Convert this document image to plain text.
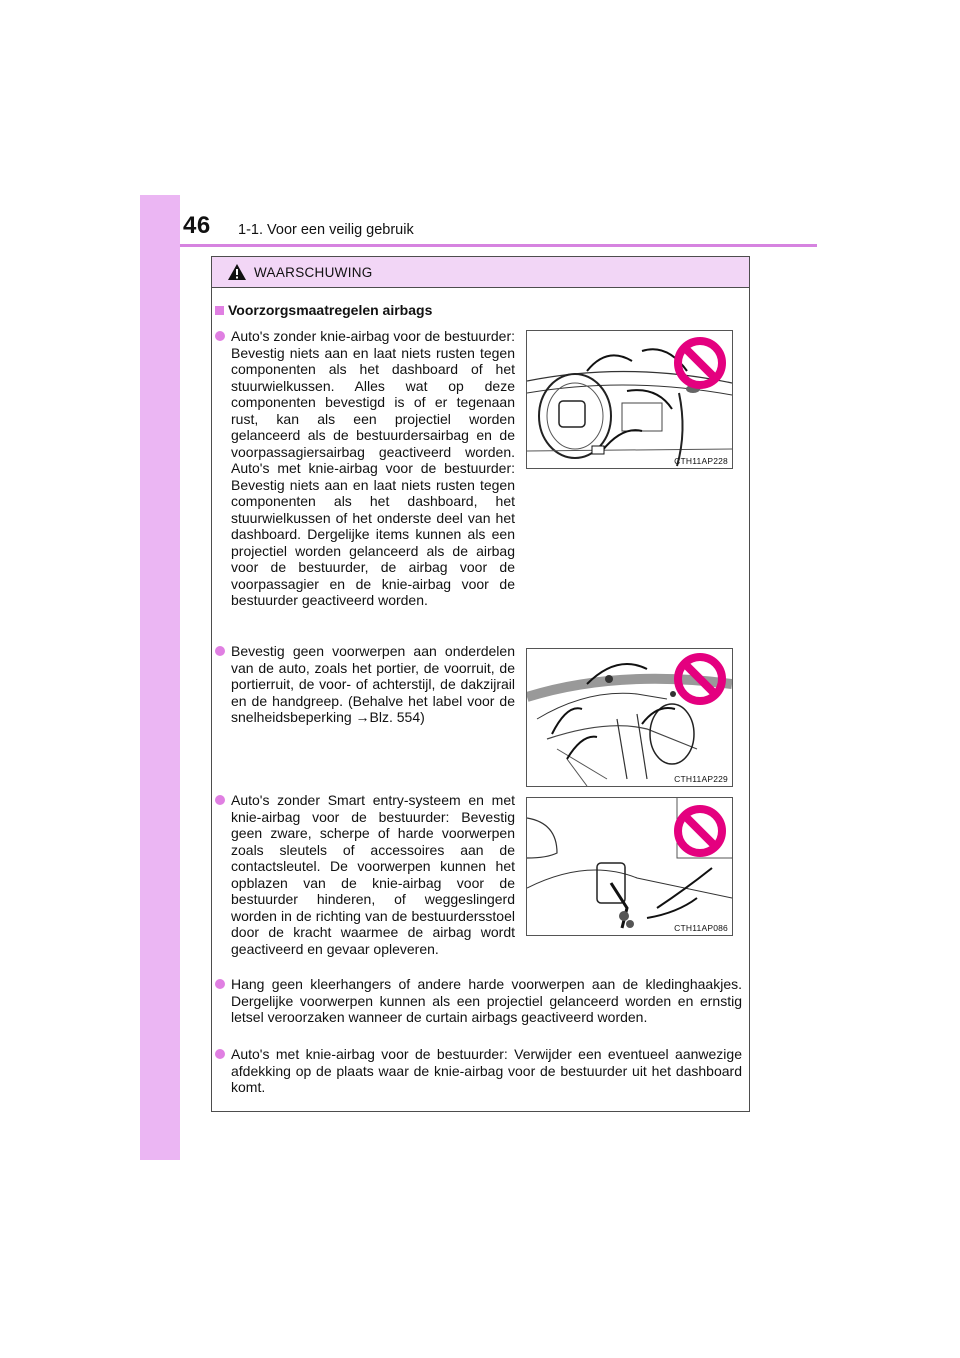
46 1-1. Voor een veilig gebruik
WAARSCHUWING
Voorzorgsmaatregelen airbags
Auto's zonder knie-airbag voor de bestuurder: Bevestig niets aan en laat niets rusten tegen componenten als het dashboard of het stuurwielkussen. Alles wat op deze componenten bevestigd is of er tegenaan rust, kan als een projectiel worden gelanceerd als de bestuurdersairbag en de voorpassagiersairbag geactiveerd worden. Auto's met knie-airbag voor de bestuurder: Bevestig niets aan en laat niets rusten tegen componenten als het dashboard, het stuurwielkussen of het onderste deel van het dashboard. Dergelijke items kunnen als een projectiel worden gelanceerd als de airbag voor de bestuurder, de airbag voor de voorpassagier en de knie-airbag voor de bestuurder geactiveerd worden.
CTH11AP228
Bevestig geen voorwerpen aan onderdelen van de auto, zoals het portier, de voorruit, de portierruit, de voor- of achterstijl, de dakzijrail en de handgreep. (Behalve het label voor de snelheidsbeperking →Blz. 554)
CTH11AP229
Auto's zonder Smart entry-systeem en met knie-airbag voor de bestuurder: Bevestig geen zware, scherpe of harde voorwerpen zoals sleutels of accessoires aan de contactsleutel. De voorwerpen kunnen het opblazen van de knie-airbag voor de bestuurder hinderen, of weggeslingerd worden in de richting van de bestuurdersstoel door de kracht waarmee de airbag wordt geactiveerd en gevaar opleveren.
CTH11AP086
Hang geen kleerhangers of andere harde voorwerpen aan de kledinghaakjes. Dergelijke voorwerpen kunnen als een projectiel gelanceerd worden en ernstig letsel veroorzaken wanneer de curtain airbags geactiveerd worden.
Auto's met knie-airbag voor de bestuurder: Verwijder een eventueel aanwezige afdekking op de plaats waar de knie-airbag voor de bestuurder uit het dashboard komt.
